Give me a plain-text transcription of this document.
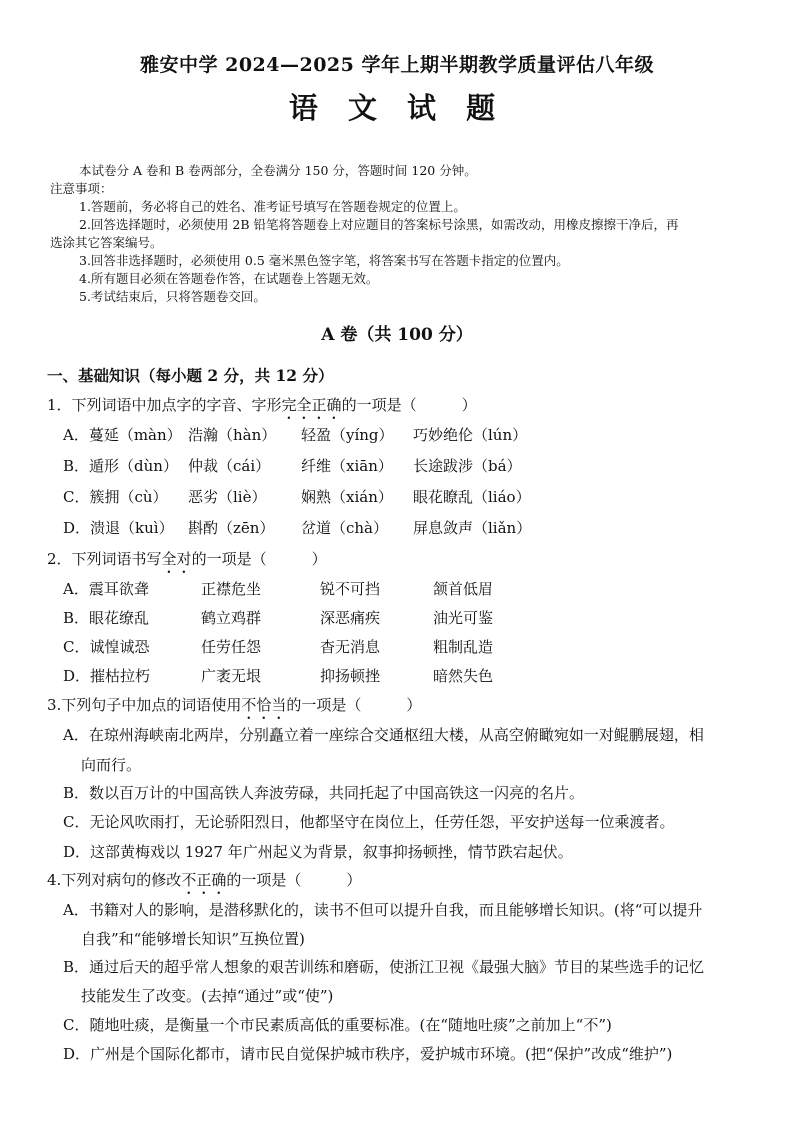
雅安中学 2024—2025 学年上期半期教学质量评估八年级
语 文 试 题
本试卷分 A 卷和 B 卷两部分，全卷满分 150 分，答题时间 120 分钟。
注意事项：
1.答题前，务必将自己的姓名、准考证号填写在答题卷规定的位置上。
2.回答选择题时，必须使用 2B 铅笔将答题卷上对应题目的答案标号涂黑，如需改动，用橡皮擦擦干净后，再
选涂其它答案编号。
3.回答非选择题时，必须使用 0.5 毫米黑色签字笔，将答案书写在答题卡指定的位置内。
4.所有题目必须在答题卷作答，在试题卷上答题无效。
5.考试结束后，只将答题卷交回。
A 卷（共 100 分）
一、基础知识（每小题 2 分，共 12 分）
1．下列词语中加点字的字音、字形完全正确的一项是（　　　）
A．蔓延（màn） 浩瀚（hàn） 轻盈（yíng） 巧妙绝伦（lún）
B．遁形（dùn） 仲裁（cái） 纤维（xiān） 长途跋涉（bá）
C．簇拥（cù） 恶劣（liè） 娴熟（xián） 眼花瞭乱（liáo）
D．溃退（kuì） 斟酌（zēn） 岔道（chà） 屏息敛声（liǎn）
2．下列词语书写全对的一项是（　　　）
A．震耳欲聋	正襟危坐	锐不可挡	颔首低眉
B．眼花缭乱	鹤立鸡群	深恶痛疾	油光可鉴
C．诚惶诚恐	任劳任怨	杳无消息	粗制乱造
D．摧枯拉朽	广袤无垠	抑扬顿挫	暗然失色
3.下列句子中加点的词语使用不恰当的一项是（　　　）
A．在琼州海峡南北两岸，分别矗立着一座综合交通枢纽大楼，从高空俯瞰宛如一对鲲鹏展翅，相
向而行。
B．数以百万计的中国高铁人奔波劳碌，共同托起了中国高铁这一闪亮的名片。
C．无论风吹雨打，无论骄阳烈日，他都坚守在岗位上，任劳任怨，平安护送每一位乘渡者。
D．这部黄梅戏以 1927 年广州起义为背景，叙事抑扬顿挫，情节跌宕起伏。
4.下列对病句的修改不正确的一项是（　　　）
A．书籍对人的影响，是潜移默化的，读书不但可以提升自我，而且能够增长知识。(将“可以提升
自我”和“能够增长知识”互换位置)
B．通过后天的超乎常人想象的艰苦训练和磨砺，使浙江卫视《最强大脑》节目的某些选手的记忆
技能发生了改变。(去掉“通过”或“使”)
C．随地吐痰，是衡量一个市民素质高低的重要标准。(在“随地吐痰”之前加上“不”)
D．广州是个国际化都市，请市民自觉保护城市秩序，爱护城市环境。(把“保护”改成“维护”)
